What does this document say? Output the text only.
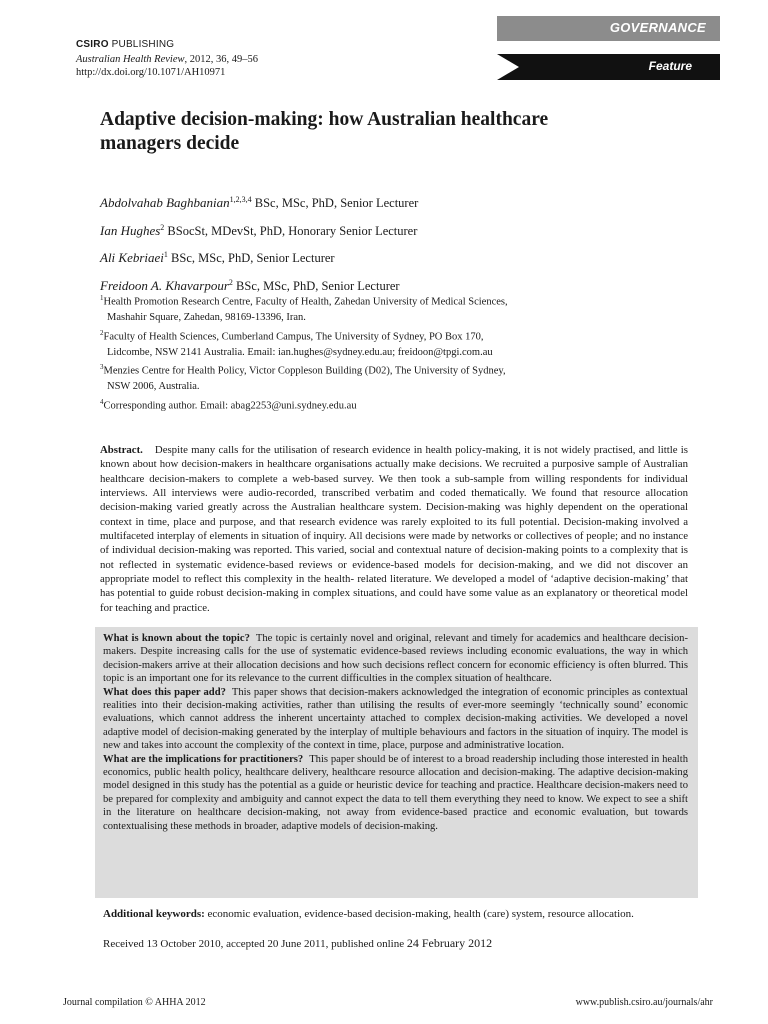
GOVERNANCE
Feature
CSIRO PUBLISHING
Australian Health Review, 2012, 36, 49–56
http://dx.doi.org/10.1071/AH10971
Adaptive decision-making: how Australian healthcare managers decide
Abdolvahab Baghbanian$^{1,2,3,4}$ BSc, MSc, PhD, Senior Lecturer
Ian Hughes$^2$ BSocSt, MDevSt, PhD, Honorary Senior Lecturer
Ali Kebriaei$^1$ BSc, MSc, PhD, Senior Lecturer
Freidoon A. Khavarpour$^2$ BSc, MSc, PhD, Senior Lecturer
$^1$Health Promotion Research Centre, Faculty of Health, Zahedan University of Medical Sciences,
Mashahir Square, Zahedan, 98169-13396, Iran.
$^2$Faculty of Health Sciences, Cumberland Campus, The University of Sydney, PO Box 170,
Lidcombe, NSW 2141 Australia. Email: ian.hughes@sydney.edu.au; freidoon@tpgi.com.au
$^3$Menzies Centre for Health Policy, Victor Coppleson Building (D02), The University of Sydney,
NSW 2006, Australia.
$^4$Corresponding author. Email: abag2253@uni.sydney.edu.au
Abstract. Despite many calls for the utilisation of research evidence in health policy-making, it is not widely practised, and little is known about how decision-makers in healthcare organisations actually make decisions. We recruited a purposive sample of Australian healthcare decision-makers to complete a web-based survey. We then took a sub-sample from willing respondents for individual interviews. All interviews were audio-recorded, transcribed verbatim and coded thematically. We found that resource allocation decision-making varied greatly across the Australian healthcare system. Decision-making was highly dependent on the operational context in time, place and purpose, and that research evidence was rarely exploited to its full potential. Decision-making involved a multifaceted interplay of elements in situation of inquiry. All decisions were made by networks or collectives of people; and no instance of individual decision-making was reported. This varied, social and contextual nature of decision-making points to a complexity that is not reflected in systematic evidence-based reviews or evidence-based models for decision-making, and we did not discover an appropriate model to reflect this complexity in the health- related literature. We developed a model of ‘adaptive decision-making’ that has potential to guide robust decision-making in complex situations, and could have some value as an explanatory or theoretical model for teaching and practice.
What is known about the topic? The topic is certainly novel and original, relevant and timely for academics and healthcare decision-makers. Despite increasing calls for the use of systematic evidence-based reviews including economic evaluations, the way in which decision-makers arrive at their allocation decisions and how such decisions reflect concern for economic efficiency is often blurred. This topic is an important one for its relevance to the current difficulties in the complex situation of healthcare.
What does this paper add? This paper shows that decision-makers acknowledged the integration of economic principles as contextual realities into their decision-making activities, rather than utilising the results of ever-more seemingly ‘technically sound’ economic evaluations, which cannot address the inherent uncertainty attached to complex decision-making activities. We developed a novel adaptive model of decision-making generated by the interplay of multiple behaviours and factors in the situation of inquiry. The model is new and takes into account the complexity of the context in time, place, purpose and administrative location.
What are the implications for practitioners? This paper should be of interest to a broad readership including those interested in health economics, public health policy, healthcare delivery, healthcare resource allocation and decision-making. The adaptive decision-making model designed in this study has the potential as a guide or heuristic device for teaching and practice. Healthcare decision-makers need to be prepared for complexity and ambiguity and cannot expect the data to tell them everything they need to know. We expect to see a shift in the literature on healthcare decision-making, not away from evidence-based practice and economic evaluation, but towards contextualising these methods in broader, adaptive models of decision-making.
Additional keywords: economic evaluation, evidence-based decision-making, health (care) system, resource allocation.
Received 13 October 2010, accepted 20 June 2011, published online 24 February 2012
Journal compilation © AHHA 2012	www.publish.csiro.au/journals/ahr
